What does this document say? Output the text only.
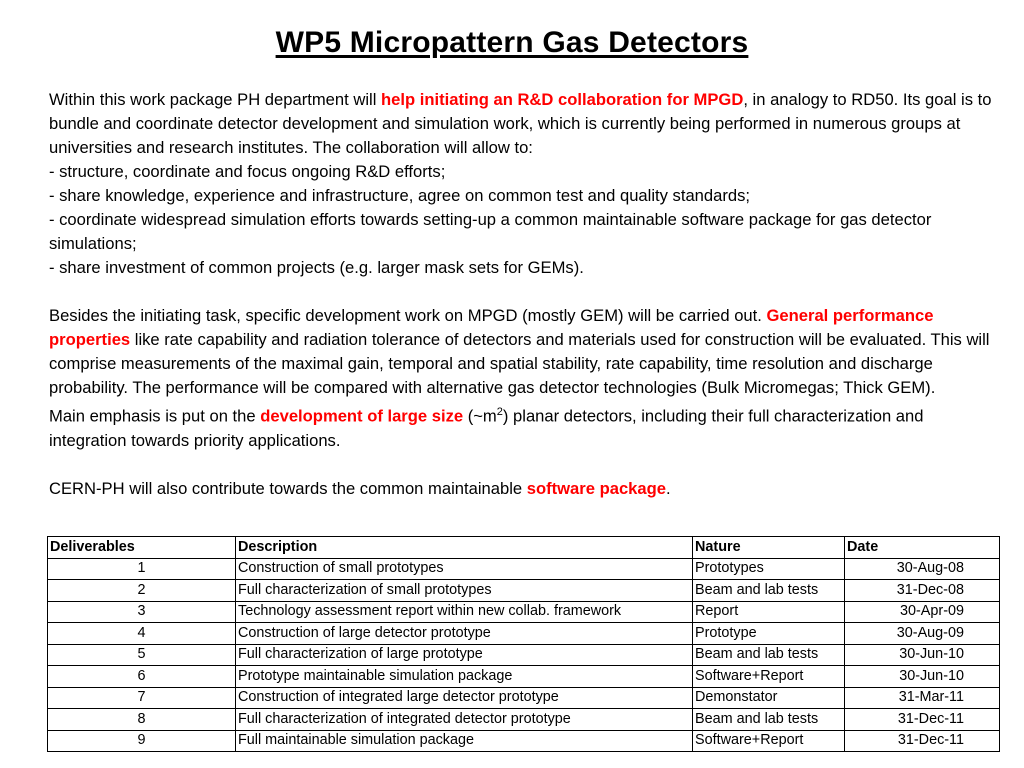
WP5 Micropattern Gas Detectors

Within this work package PH department will help initiating an R&D collaboration for MPGD, in analogy to RD50. Its goal is to bundle and coordinate detector development and simulation work, which is currently being performed in numerous groups at universities and research institutes. The collaboration will allow to:

- structure, coordinate and focus ongoing R&D efforts;

- share knowledge, experience and infrastructure, agree on common test and quality standards;

- coordinate widespread simulation efforts towards setting-up a common maintainable software package for gas detector simulations;

- share investment of common projects (e.g. larger mask sets for GEMs).

Besides the initiating task, specific development work on MPGD (mostly GEM) will be carried out. General performance properties like rate capability and radiation tolerance of detectors and materials used for construction will be evaluated. This will comprise measurements of the maximal gain, temporal and spatial stability, rate capability, time resolution and discharge probability. The performance will be compared with alternative gas detector technologies (Bulk Micromegas; Thick GEM).

Main emphasis is put on the development of large size $(\sim m^2)$ planar detectors, including their full characterization and integration towards priority applications.

CERN-PH will also contribute towards the common maintainable software package.

Deliverables	Description	Nature	Date
1	Construction of small prototypes	Prototypes	30-Aug-08
2	Full characterization of small prototypes	Beam and lab tests	31-Dec-08
3	Technology assessment report within new collab. framework	Report	30-Apr-09
4	Construction of large detector prototype	Prototype	30-Aug-09
5	Full characterization of large prototype	Beam and lab tests	30-Jun-10
6	Prototype maintainable simulation package	Software+Report	30-Jun-10
7	Construction of integrated large detector prototype	Demonstator	31-Mar-11
8	Full characterization of integrated detector prototype	Beam and lab tests	31-Dec-11
9	Full maintainable simulation package	Software+Report	31-Dec-11
